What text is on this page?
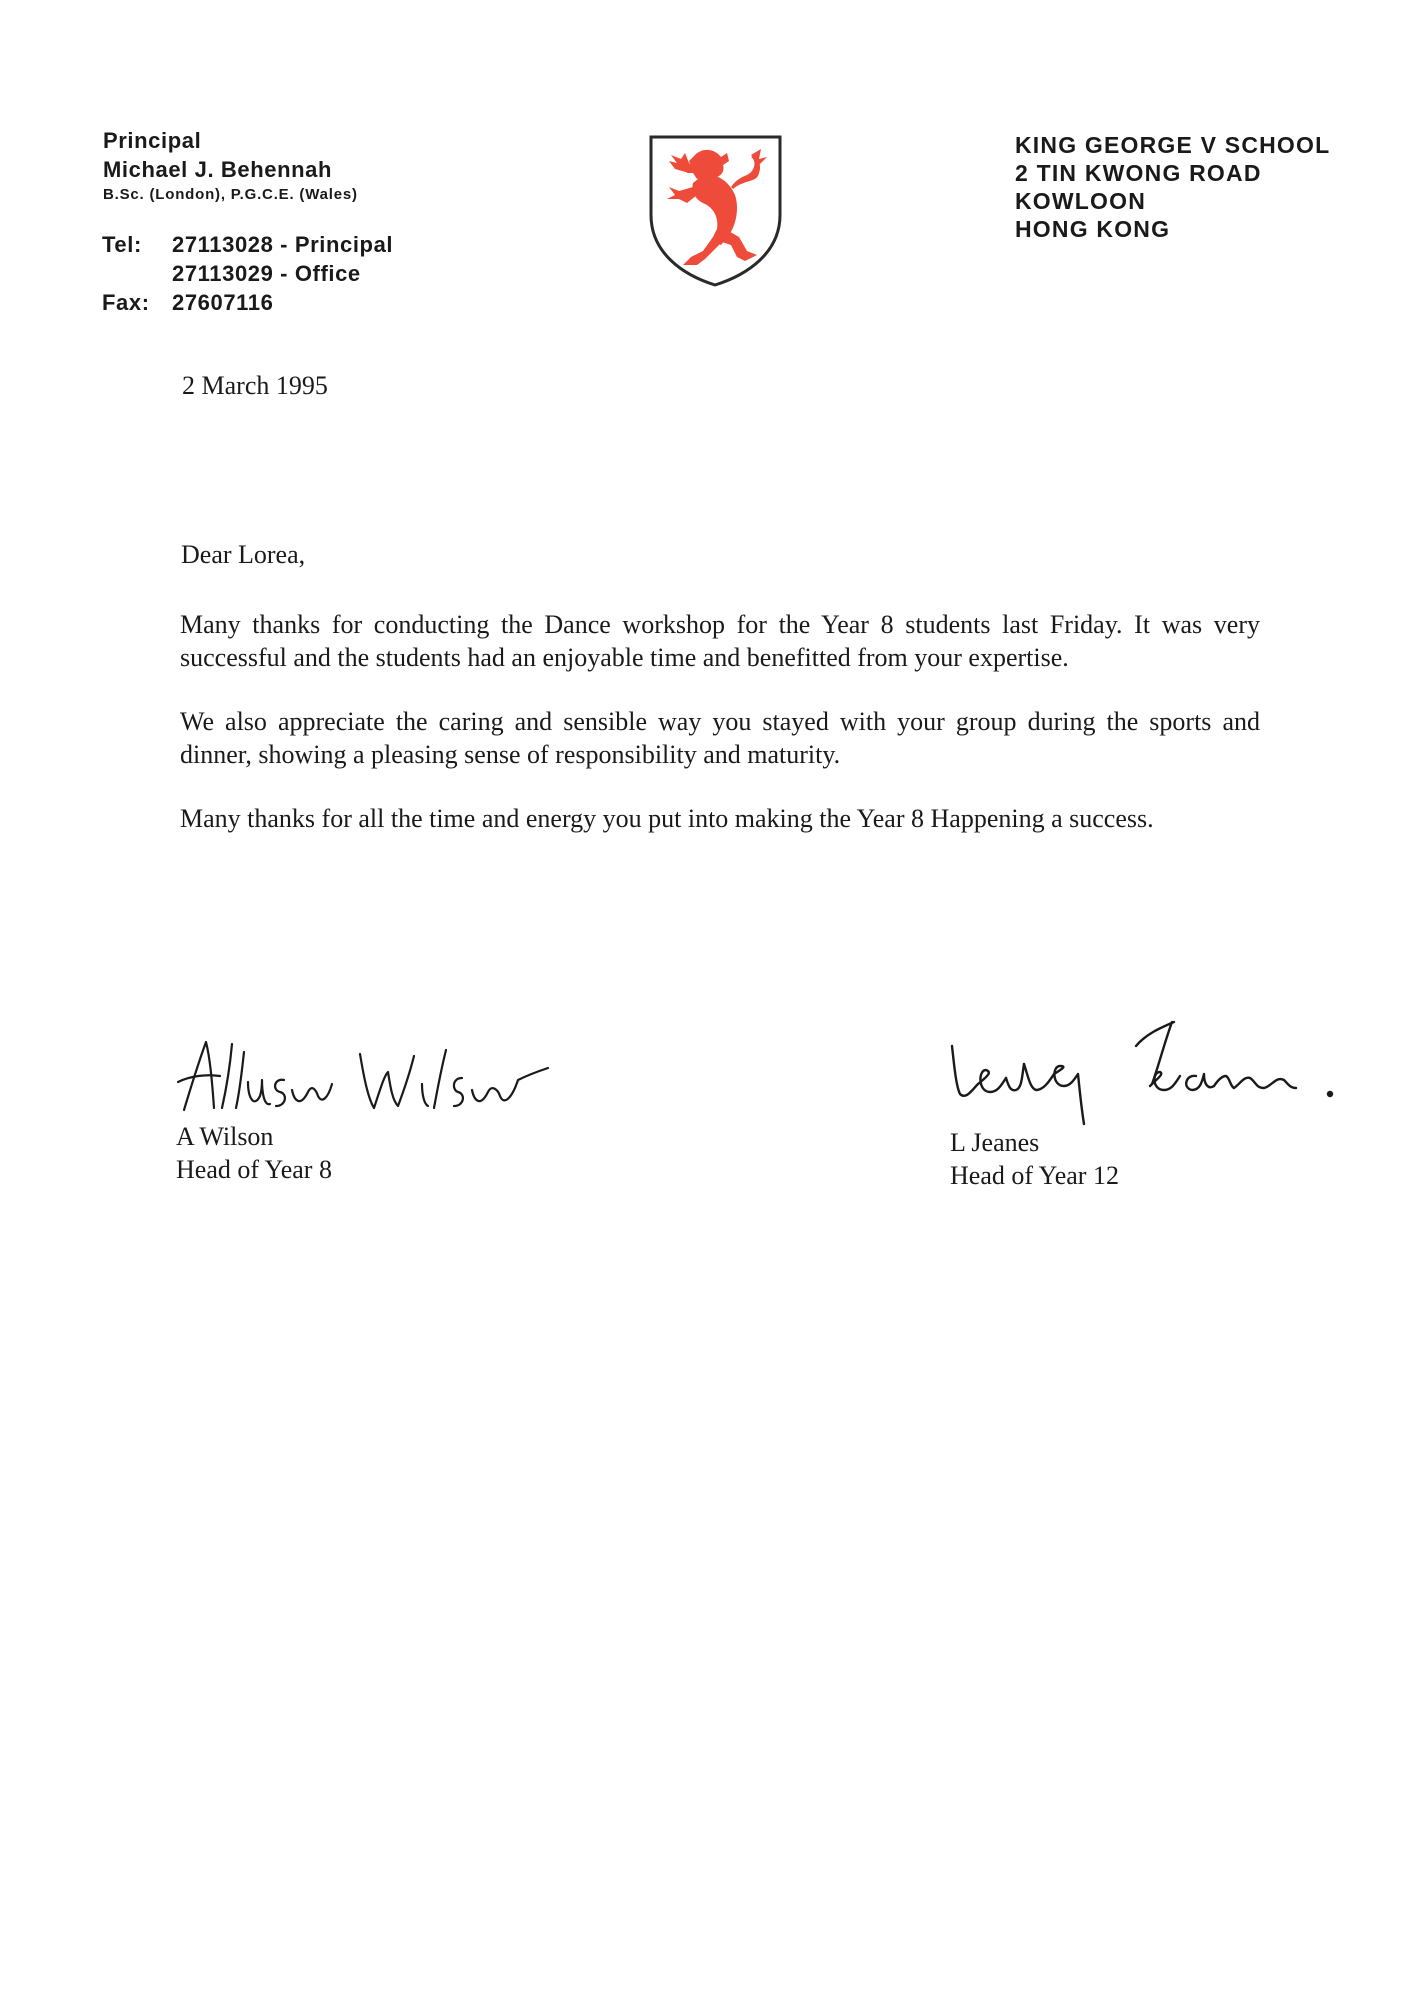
Principal
Michael J. Behennah
B.Sc. (London), P.G.C.E. (Wales)
Tel:	27113028 - Principal
27113029 - Office
Fax:	27607116
KING GEORGE V SCHOOL
2 TIN KWONG ROAD
KOWLOON
HONG KONG
2 March 1995
Dear Lorea,

Many thanks for conducting the Dance workshop for the Year 8 students last Friday. It was very successful and the students had an enjoyable time and benefitted from your expertise.

We also appreciate the caring and sensible way you stayed with your group during the sports and dinner, showing a pleasing sense of responsibility and maturity.

Many thanks for all the time and energy you put into making the Year 8 Happening a success.

A Wilson
Head of Year 8
L Jeanes
Head of Year 12
